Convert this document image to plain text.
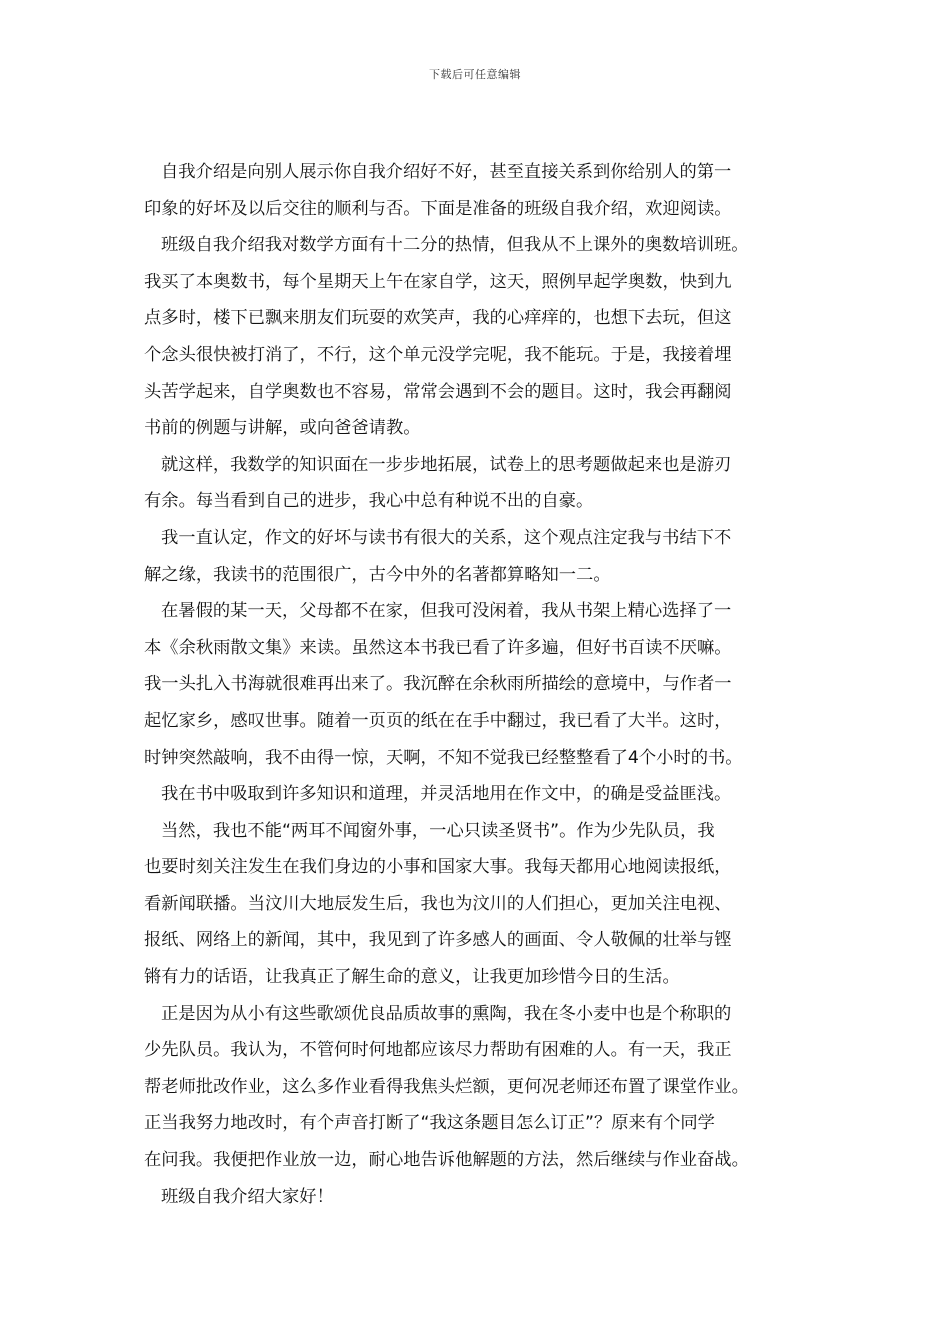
下载后可任意编辑
自我介绍是向别人展示你自我介绍好不好，甚至直接关系到你给别人的第一
印象的好坏及以后交往的顺利与否。下面是准备的班级自我介绍，欢迎阅读。
班级自我介绍我对数学方面有十二分的热情，但我从不上课外的奥数培训班。
我买了本奥数书，每个星期天上午在家自学，这天，照例早起学奥数，快到九
点多时，楼下已飘来朋友们玩耍的欢笑声，我的心痒痒的，也想下去玩，但这
个念头很快被打消了，不行，这个单元没学完呢，我不能玩。于是，我接着埋
头苦学起来，自学奥数也不容易，常常会遇到不会的题目。这时，我会再翻阅
书前的例题与讲解，或向爸爸请教。
就这样，我数学的知识面在一步步地拓展，试卷上的思考题做起来也是游刃
有余。每当看到自己的进步，我心中总有种说不出的自豪。
我一直认定，作文的好坏与读书有很大的关系，这个观点注定我与书结下不
解之缘，我读书的范围很广，古今中外的名著都算略知一二。
在暑假的某一天，父母都不在家，但我可没闲着，我从书架上精心选择了一
本《余秋雨散文集》来读。虽然这本书我已看了许多遍，但好书百读不厌嘛。
我一头扎入书海就很难再出来了。我沉醉在余秋雨所描绘的意境中，与作者一
起忆家乡，感叹世事。随着一页页的纸在在手中翻过，我已看了大半。这时，
时钟突然敲响，我不由得一惊，天啊，不知不觉我已经整整看了4个小时的书。
我在书中吸取到许多知识和道理，并灵活地用在作文中，的确是受益匪浅。
当然，我也不能“两耳不闻窗外事，一心只读圣贤书”。作为少先队员，我
也要时刻关注发生在我们身边的小事和国家大事。我每天都用心地阅读报纸，
看新闻联播。当汶川大地辰发生后，我也为汶川的人们担心，更加关注电视、
报纸、网络上的新闻，其中，我见到了许多感人的画面、令人敬佩的壮举与铿
锵有力的话语，让我真正了解生命的意义，让我更加珍惜今日的生活。
正是因为从小有这些歌颂优良品质故事的熏陶，我在冬小麦中也是个称职的
少先队员。我认为，不管何时何地都应该尽力帮助有困难的人。有一天，我正
帮老师批改作业，这么多作业看得我焦头烂额，更何况老师还布置了课堂作业。
正当我努力地改时，有个声音打断了“我这条题目怎么订正”？原来有个同学
在问我。我便把作业放一边，耐心地告诉他解题的方法，然后继续与作业奋战。
班级自我介绍大家好！
